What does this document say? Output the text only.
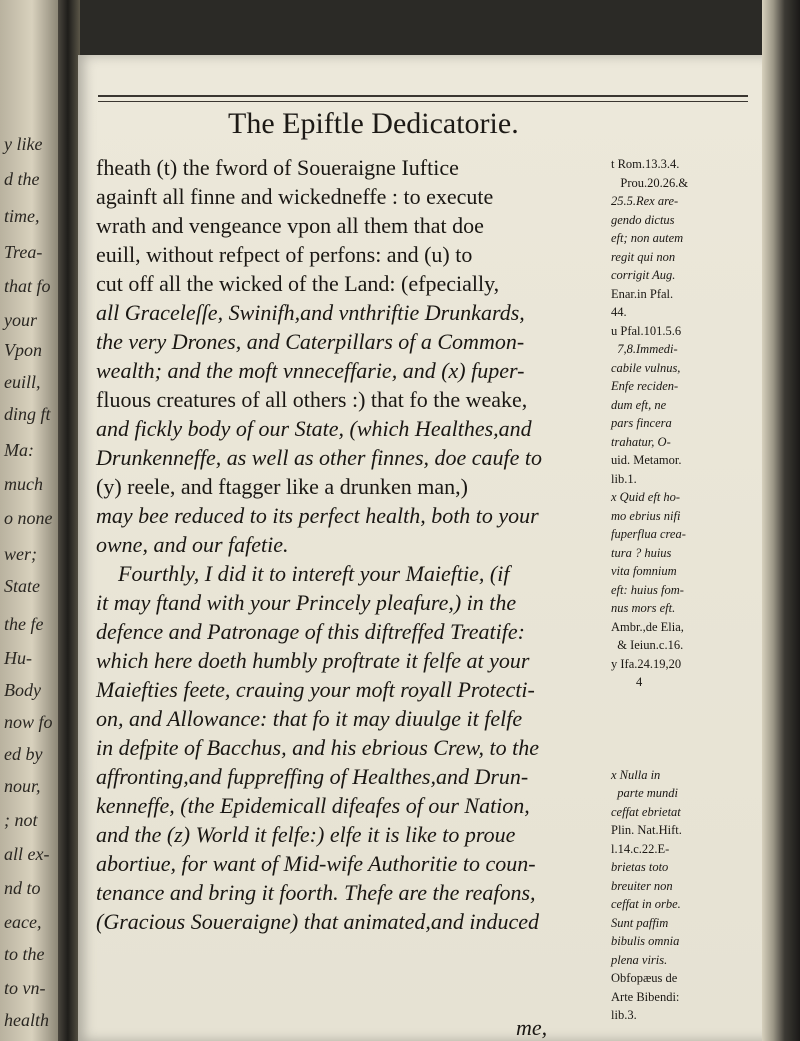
y like
d the
time,
Trea-
that fo
your
Vpon
euill,
ding ft
Ma:
much
o none
wer;
State
the fe
Hu-
Body
now fo
ed by
nour,
; not
all ex-
nd to
eace,
to the
to vn-
health
The Epiftle Dedicatorie.
fheath (t) the fword of Soueraigne Iuftice
againft all finne and wickedneffe : to execute
wrath and vengeance vpon all them that doe
euill, without refpect of perfons: and (u) to
cut off all the wicked of the Land: (efpecially,
all Graceleſſe, Swinifh,and vnthriftie Drunkards,
the very Drones, and Caterpillars of a Common-
wealth; and the moft vnneceffarie, and (x) fuper-
fluous creatures of all others :) that fo the weake,
and fickly body of our State, (which Healthes,and
Drunkenneffe, as well as other finnes, doe caufe to
(y) reele, and ftagger like a drunken man,)
may bee reduced to its perfect health, both to your
owne, and our fafetie.
Fourthly, I did it to intereft your Maieftie, (if
it may ftand with your Princely pleafure,) in the
defence and Patronage of this diftreffed Treatife:
which here doeth humbly proftrate it felfe at your
Maiefties feete, crauing your moft royall Protecti-
on, and Allowance: that fo it may diuulge it felfe
in defpite of Bacchus, and his ebrious Crew, to the
affronting,and fuppreffing of Healthes,and Drun-
kenneffe, (the Epidemicall difeafes of our Nation,
and the (z) World it felfe:) elfe it is like to proue
abortiue, for want of Mid-wife Authoritie to coun-
tenance and bring it foorth. Thefe are the reafons,
(Gracious Soueraigne) that animated,and induced
t Rom.13.3.4.
Prou.20.26.&
25.5.Rex are-
gendo dictus
eft; non autem
regit qui non
corrigit Aug.
Enar.in Pfal.
44.
u Pfal.101.5.6
7,8.Immedi-
cabile vulnus,
Enfe reciden-
dum eft, ne
pars fincera
trahatur, O-
uid. Metamor.
lib.1.
x Quid eft ho-
mo ebrius nifi
fuperflua crea-
tura ? huius
vita fomnium
eft: huius fom-
nus mors eft.
Ambr.,de Elia,
& Ieiun.c.16.
y Ifa.24.19,20
4
x Nulla in
parte mundi
ceffat ebrietat
Plin. Nat.Hift.
l.14.c.22.E-
brietas toto
breuiter non
ceffat in orbe.
Sunt paffim
bibulis omnia
plena viris.
Obfopæus de
Arte Bibendi:
lib.3.
me,
